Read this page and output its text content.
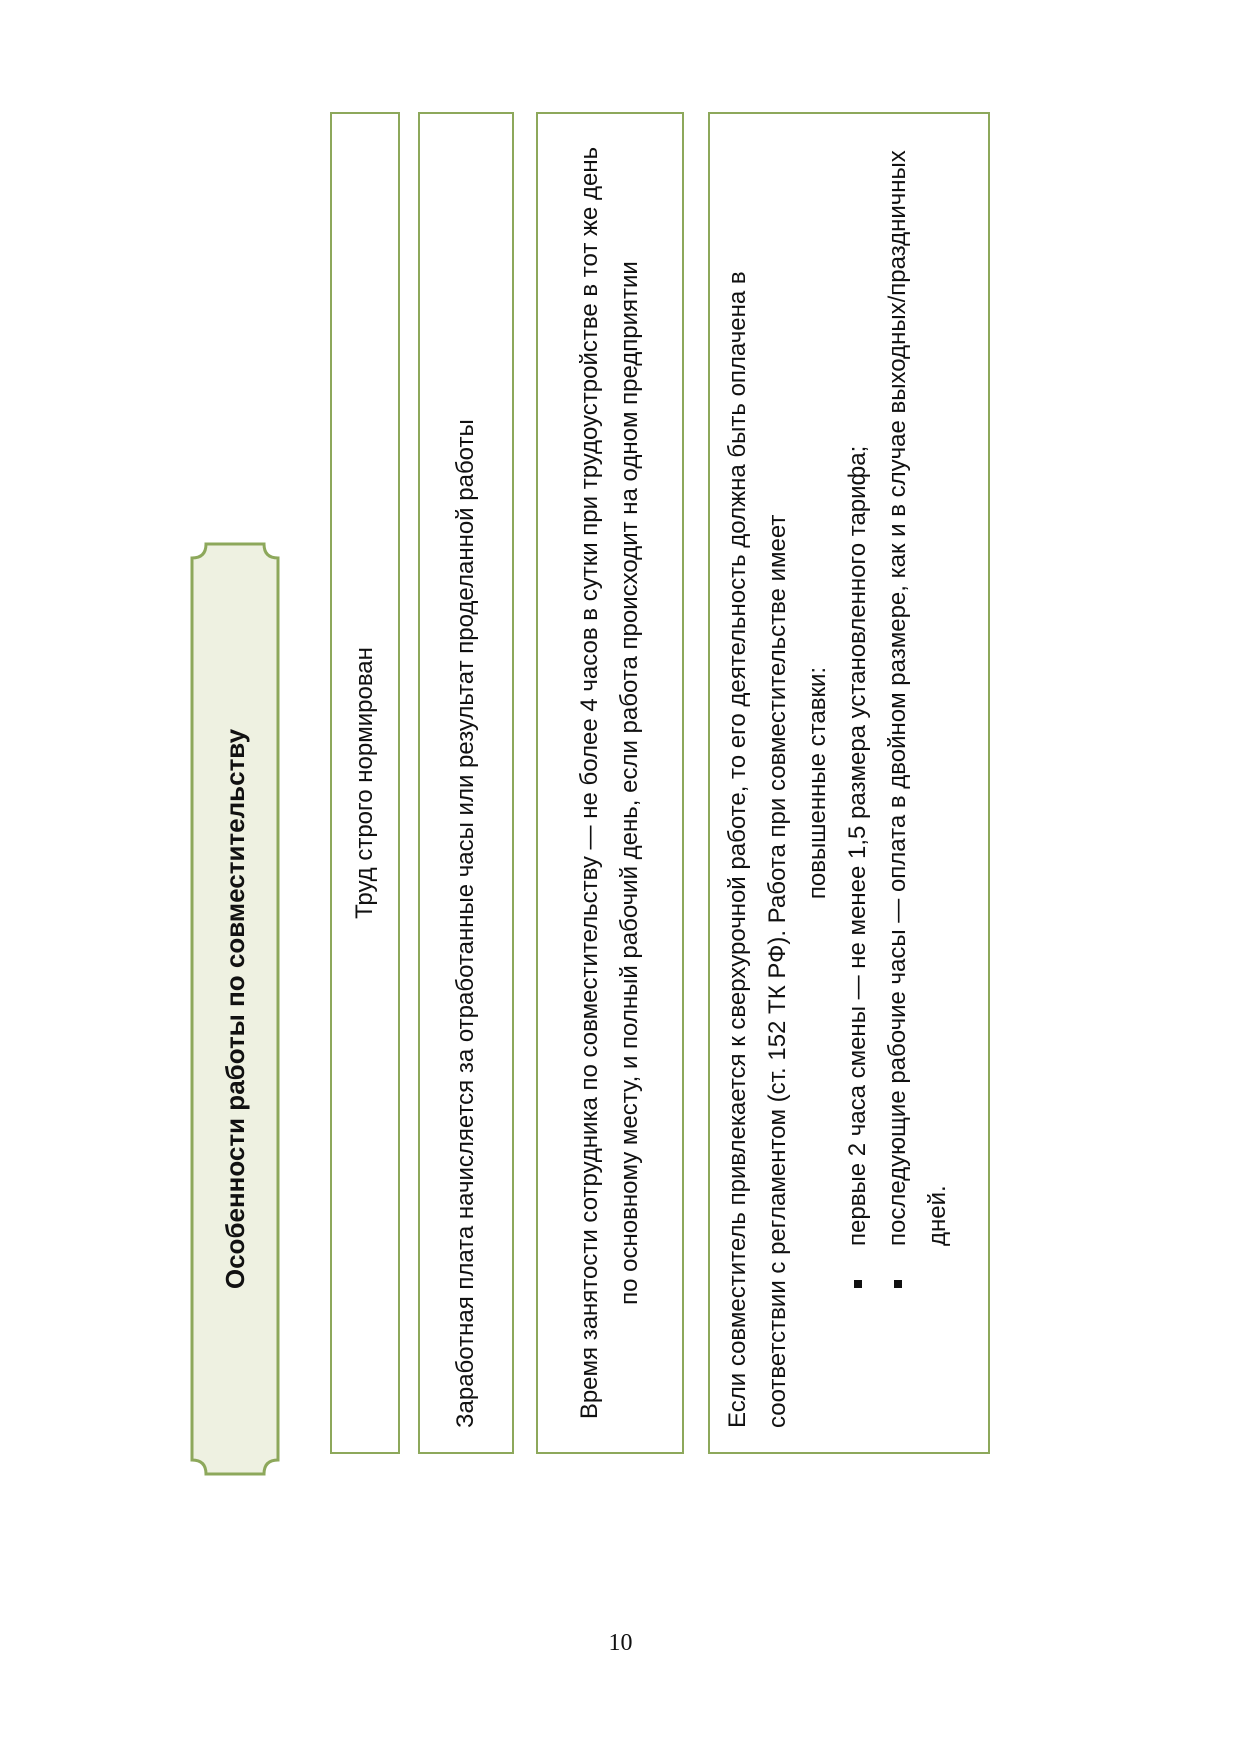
Особенности работы по совместительству	Труд строго нормирован	Заработная плата начисляется за отработанные часы или результат проделанной работы	Время занятости сотрудника по совместительству — не более 4 часов в сутки при трудоустройстве в тот же день по основному месту, и полный рабочий день, если работа происходит на одном предприятии	Если совместитель привлекается к сверхурочной работе, то его деятельность должна быть оплачена в соответствии с регламентом (ст. 152 ТК РФ). Работа при совместительстве имеет повышенные ставки: первые 2 часа смены — не менее 1,5 размера установленного тарифа; последующие рабочие часы — оплата в двойном размере, как и в случае выходных/праздничных дней.
10
